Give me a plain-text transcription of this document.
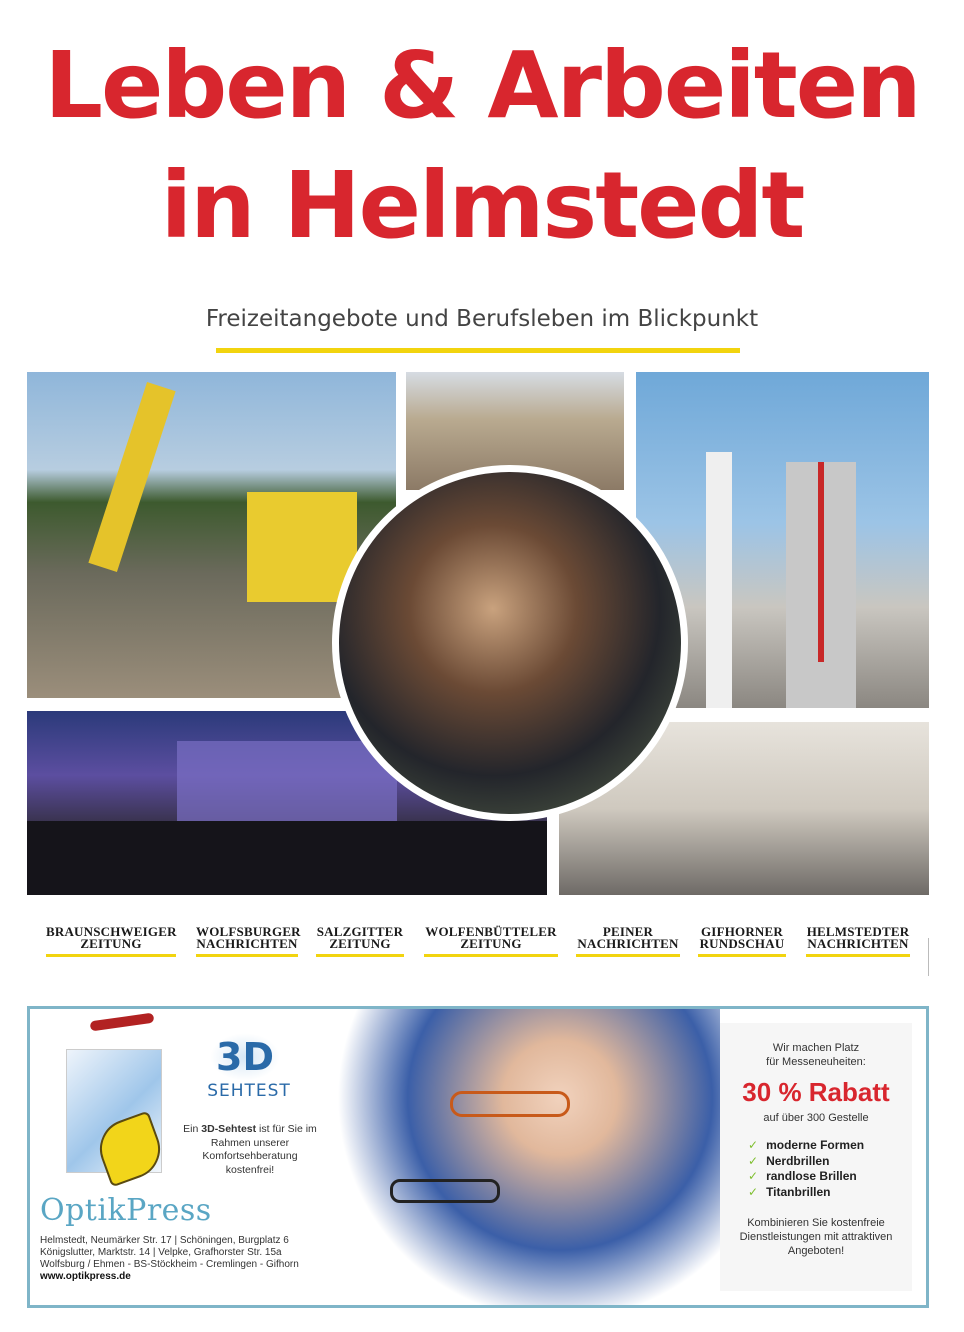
Leben & Arbeiten
in Helmstedt
Freizeitangebote und Berufsleben im Blickpunkt
BRAUNSCHWEIGER
ZEITUNG
WOLFSBURGER
NACHRICHTEN
SALZGITTER
ZEITUNG
WOLFENBÜTTELER
ZEITUNG
PEINER
NACHRICHTEN
GIFHORNER
RUNDSCHAU
HELMSTEDTER
NACHRICHTEN
3D
SEHTEST
Ein 3D-Sehtest ist für Sie im Rahmen unserer Komfortsehberatung kostenfrei!
OptikPress
Helmstedt, Neumärker Str. 17 | Schöningen, Burgplatz 6
Königslutter, Marktstr. 14 | Velpke, Grafhorster Str. 15a
Wolfsburg / Ehmen - BS-Stöckheim - Cremlingen - Gifhorn
www.optikpress.de
Wir machen Platz
für Messeneuheiten:
30 % Rabatt
auf über 300 Gestelle
✓ moderne Formen
✓ Nerdbrillen
✓ randlose Brillen
✓ Titanbrillen
Kombinieren Sie kostenfreie Dienstleistungen mit attraktiven Angeboten!
